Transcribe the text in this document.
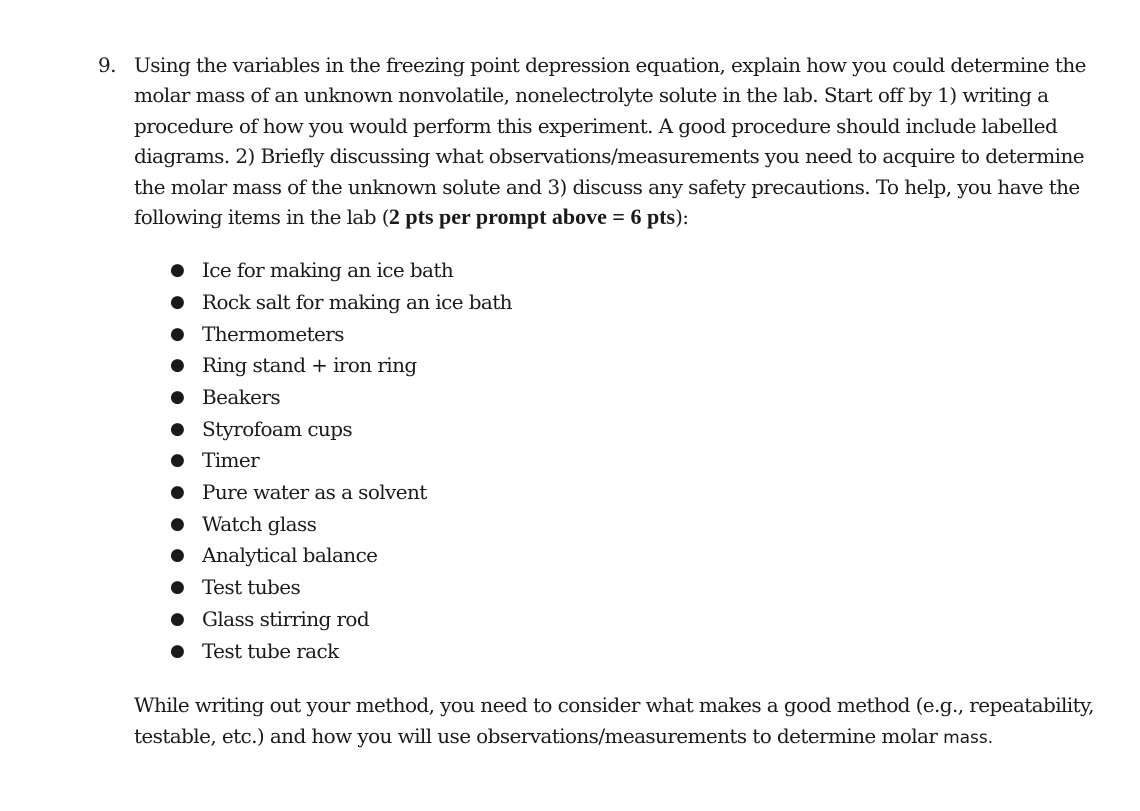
9. Using the variables in the freezing point depression equation, explain how you could determine the molar mass of an unknown nonvolatile, nonelectrolyte solute in the lab. Start off by 1) writing a procedure of how you would perform this experiment. A good procedure should include labelled diagrams. 2) Briefly discussing what observations/measurements you need to acquire to determine the molar mass of the unknown solute and 3) discuss any safety precautions. To help, you have the following items in the lab (2 pts per prompt above = 6 pts):

● Ice for making an ice bath
● Rock salt for making an ice bath
● Thermometers
● Ring stand + iron ring
● Beakers
● Styrofoam cups
● Timer
● Pure water as a solvent
● Watch glass
● Analytical balance
● Test tubes
● Glass stirring rod
● Test tube rack
While writing out your method, you need to consider what makes a good method (e.g., repeatability, testable, etc.) and how you will use observations/measurements to determine molar mass.
